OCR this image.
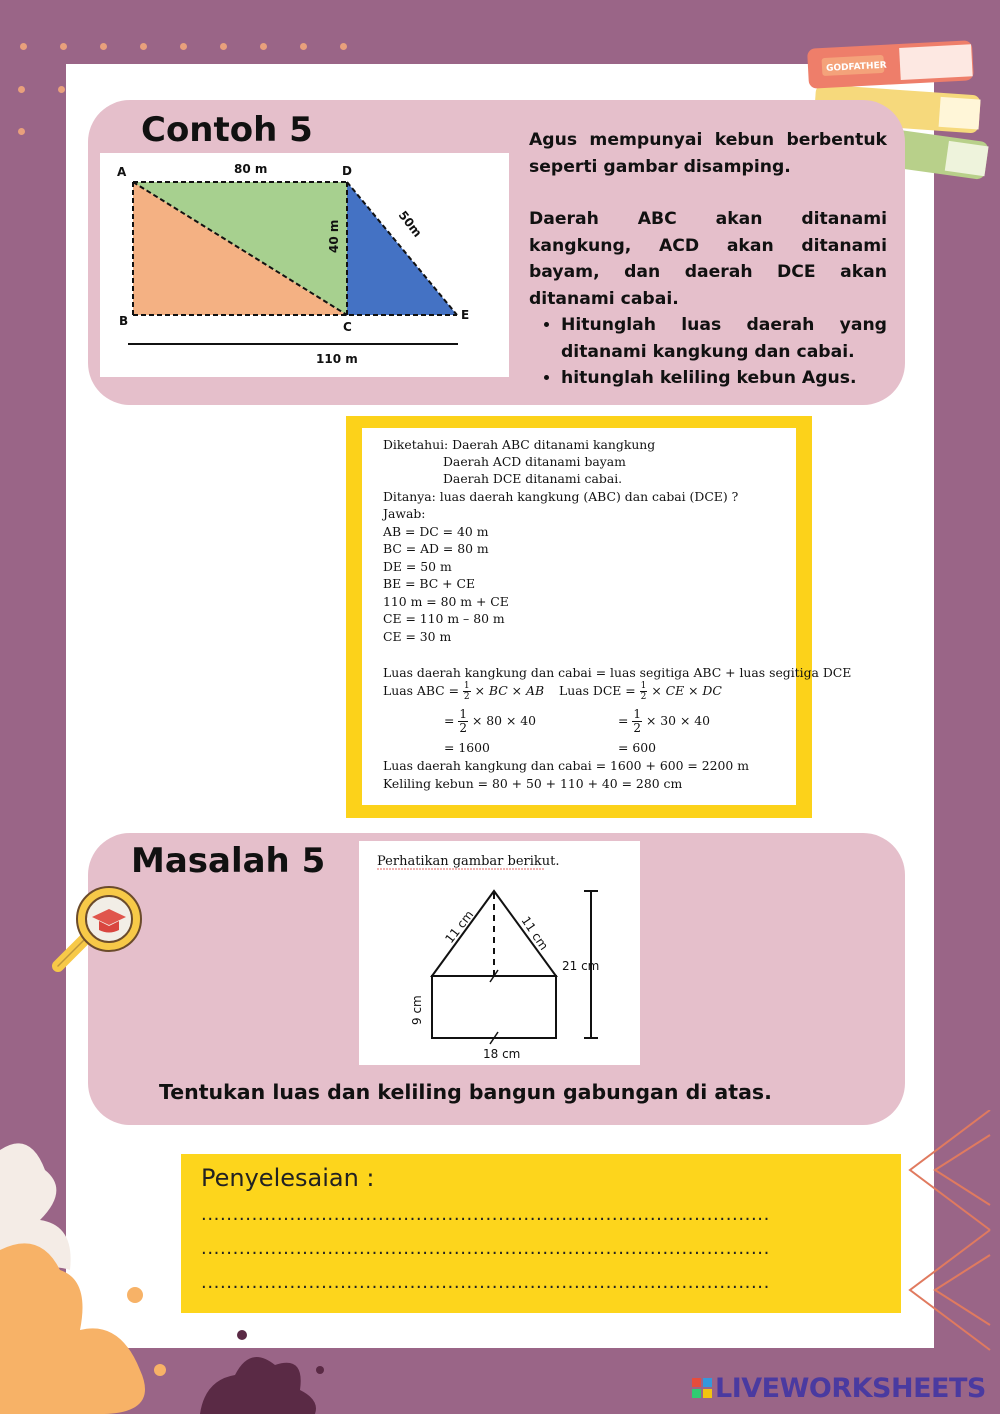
GODFATHER
Contoh 5
A
B	C
D
E
80 m
40 m	50m
110 m

Agus mempunyai kebun berbentuk seperti gambar disamping.

Daerah ABC akan ditanami kangkung, ACD akan ditanami bayam, dan daerah DCE akan ditanami cabai.

• Hitunglah luas daerah yang ditanami kangkung dan cabai.
• hitunglah keliling kebun Agus.
Diketahui: Daerah ABC ditanami kangkung
Daerah ACD ditanami bayam
Daerah DCE ditanami cabai.
Ditanya: luas daerah kangkung (ABC) dan cabai (DCE) ?
Jawab:
AB = DC = 40 m
BC = AD = 80 m
DE = 50 m
BE = BC + CE
110 m = 80 m + CE
CE = 110 m – 80 m
CE = 30 m
Luas daerah kangkung dan cabai = luas segitiga ABC + luas segitiga DCE
Luas ABC = $\frac{1}{2}$ × BC × AB Luas DCE = $\frac{1}{2}$ × CE × DC
= $\frac{1}{2} \times 80 \times 40$	= $\frac{1}{2} \times 30 \times 40$
= 1600	= 600
Luas daerah kangkung dan cabai = 1600 + 600 = 2200 m
Keliling kebun = 80 + 50 + 110 + 40 = 280 cm
Masalah 5	Perhatikan gambar berikut.
11 cm	11 cm
21 cm
9 cm
18 cm
Tentukan luas dan keliling bangun gabungan di atas.
Penyelesaian :
..........................................................................................
..........................................................................................
..........................................................................................
LIVEWORKSHEETS
